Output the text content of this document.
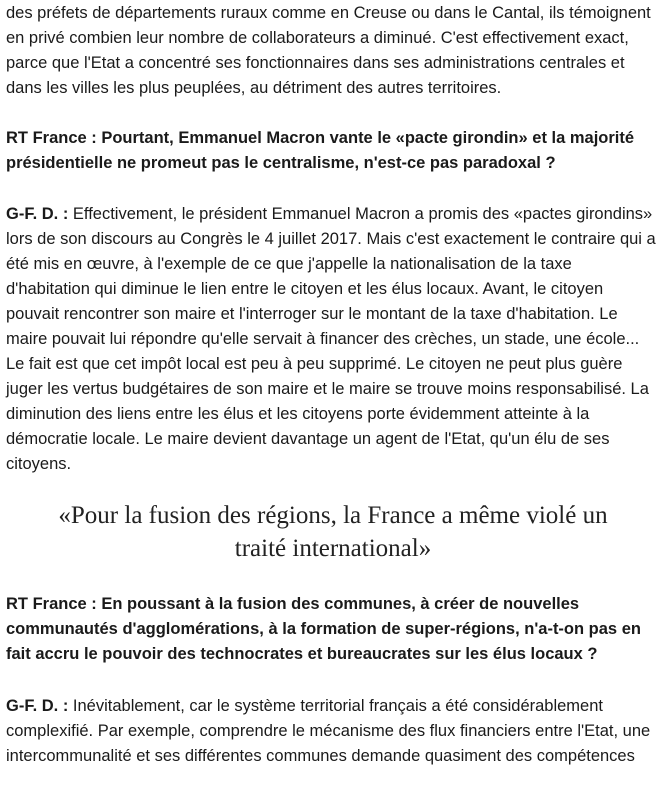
des préfets de départements ruraux comme en Creuse ou dans le Cantal, ils témoignent en privé combien leur nombre de collaborateurs a diminué. C'est effectivement exact, parce que l'Etat a concentré ses fonctionnaires dans ses administrations centrales et dans les villes les plus peuplées, au détriment des autres territoires.

RT France : Pourtant, Emmanuel Macron vante le «pacte girondin» et la majorité présidentielle ne promeut pas le centralisme, n'est-ce pas paradoxal ?

G-F. D. : Effectivement, le président Emmanuel Macron a promis des «pactes girondins» lors de son discours au Congrès le 4 juillet 2017. Mais c'est exactement le contraire qui a été mis en œuvre, à l'exemple de ce que j'appelle la nationalisation de la taxe d'habitation qui diminue le lien entre le citoyen et les élus locaux. Avant, le citoyen pouvait rencontrer son maire et l'interroger sur le montant de la taxe d'habitation. Le maire pouvait lui répondre qu'elle servait à financer des crèches, un stade, une école... Le fait est que cet impôt local est peu à peu supprimé. Le citoyen ne peut plus guère juger les vertus budgétaires de son maire et le maire se trouve moins responsabilisé. La diminution des liens entre les élus et les citoyens porte évidemment atteinte à la démocratie locale. Le maire devient davantage un agent de l'Etat, qu'un élu de ses citoyens.

«Pour la fusion des régions, la France a même violé un traité international»

RT France : En poussant à la fusion des communes, à créer de nouvelles communautés d'agglomérations, à la formation de super-régions, n'a-t-on pas en fait accru le pouvoir des technocrates et bureaucrates sur les élus locaux ?

G-F. D. : Inévitablement, car le système territorial français a été considérablement complexifié. Par exemple, comprendre le mécanisme des flux financiers entre l'Etat, une intercommunalité et ses différentes communes demande quasiment des compétences
